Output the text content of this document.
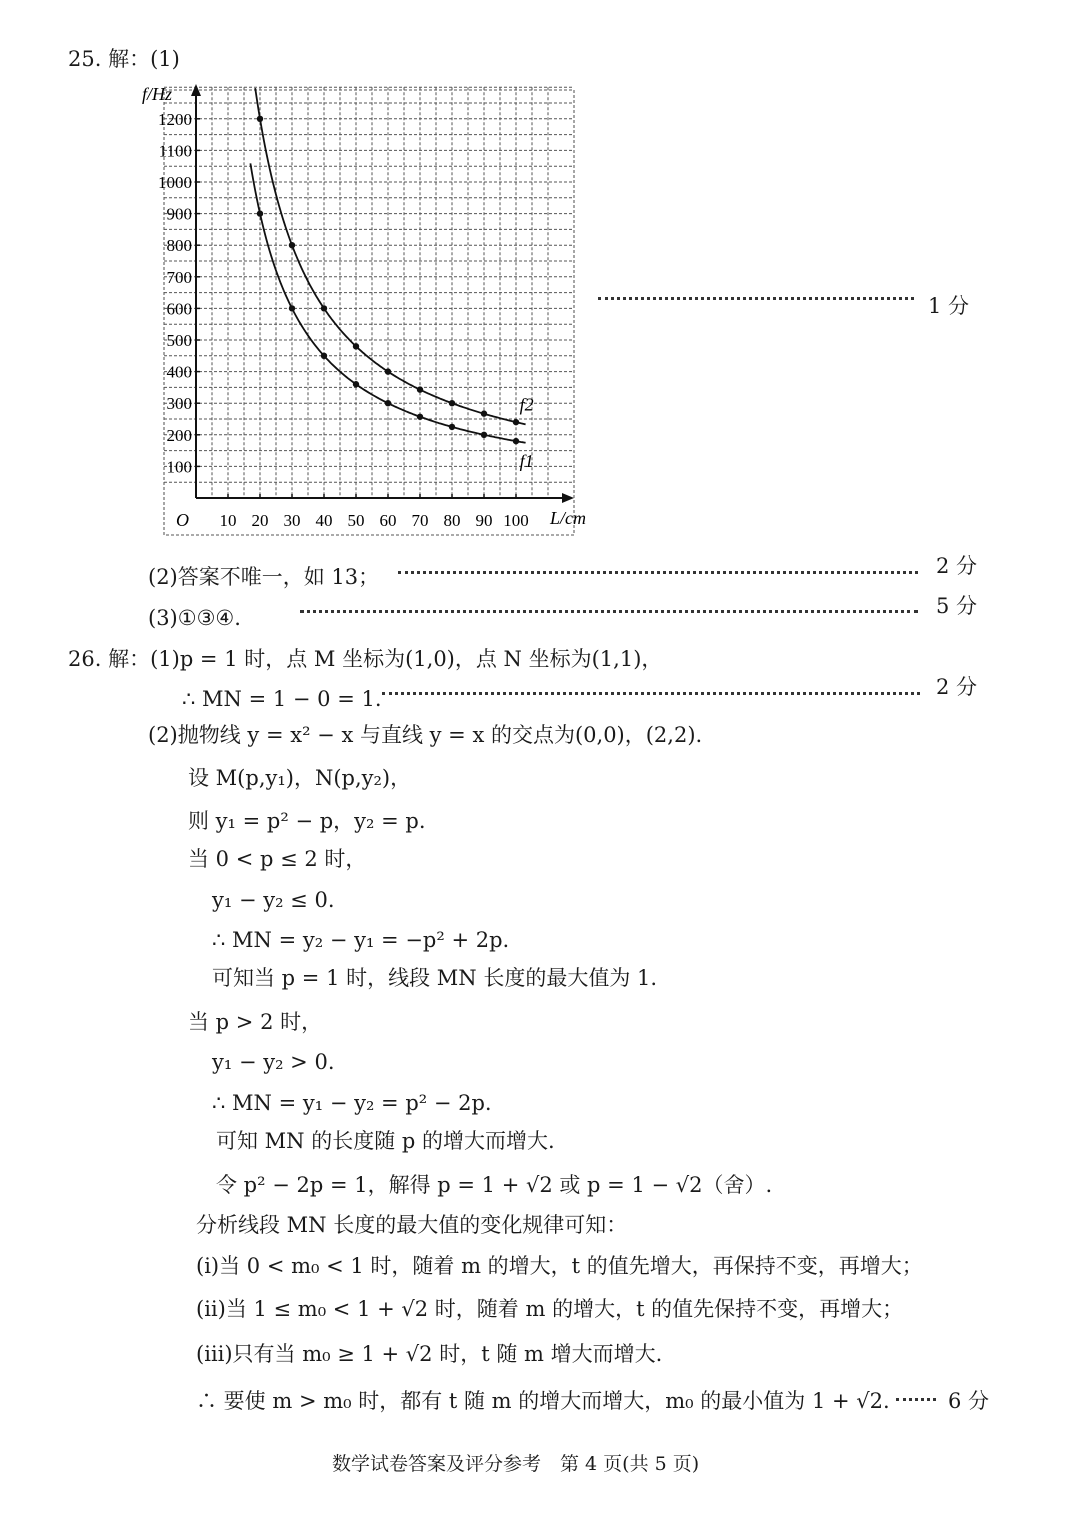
25. 解：(1)
10 20 30 40 50 60 70 80 90 100
100
200
300
400
500
600
700
800
900
1000
1100
1200
O	L/cm
f/Hz
f2
f1
1 分
(2)答案不唯一，如 13；	2 分
(3)①③④.	5 分
26. 解：(1)p = 1 时，点 M 坐标为(1,0)，点 N 坐标为(1,1)，
∴ MN = 1 − 0 = 1.	2 分
(2)抛物线 y = x² − x 与直线 y = x 的交点为(0,0)，(2,2).
设 M(p,y₁)，N(p,y₂)，
则 y₁ = p² − p，y₂ = p.
当 0 < p ≤ 2 时，
y₁ − y₂ ≤ 0.
∴ MN = y₂ − y₁ = −p² + 2p.
可知当 p = 1 时，线段 MN 长度的最大值为 1.
当 p > 2 时，
y₁ − y₂ > 0.
∴ MN = y₁ − y₂ = p² − 2p.
可知 MN 的长度随 p 的增大而增大.
令 p² − 2p = 1，解得 p = 1 + √2 或 p = 1 − √2（舍）.
分析线段 MN 长度的最大值的变化规律可知：
(ⅰ)当 0 < m₀ < 1 时，随着 m 的增大，t 的值先增大，再保持不变，再增大；
(ⅱ)当 1 ≤ m₀ < 1 + √2 时，随着 m 的增大，t 的值先保持不变，再增大；
(ⅲ)只有当 m₀ ≥ 1 + √2 时，t 随 m 增大而增大.
∴ 要使 m > m₀ 时，都有 t 随 m 的增大而增大，m₀ 的最小值为 1 + √2.	6 分
数学试卷答案及评分参考　第 4 页(共 5 页)
